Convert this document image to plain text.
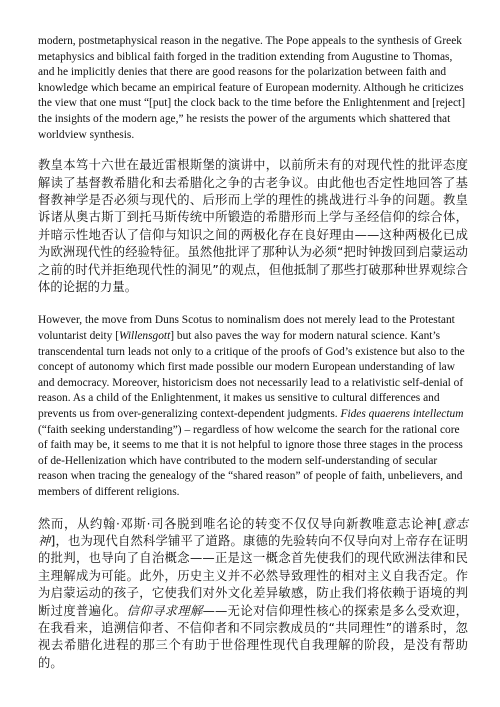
modern, postmetaphysical reason in the negative. The Pope appeals to the synthesis of Greek metaphysics and biblical faith forged in the tradition extending from Augustine to Thomas, and he implicitly denies that there are good reasons for the polarization between faith and knowledge which became an empirical feature of European modernity. Although he criticizes the view that one must “[put] the clock back to the time before the Enlightenment and [reject] the insights of the modern age,” he resists the power of the arguments which shattered that worldview synthesis.

教皇本笃十六世在最近雷根斯堡的演讲中，以前所未有的对现代性的批评态度解读了基督教希腊化和去希腊化之争的古老争议。由此他也否定性地回答了基督教神学是否必须与现代的、后形而上学的理性的挑战进行斗争的问题。教皇诉诸从奥古斯丁到托马斯传统中所锻造的希腊形而上学与圣经信仰的综合体，并暗示性地否认了信仰与知识之间的两极化存在良好理由——这种两极化已成为欧洲现代性的经验特征。虽然他批评了那种认为必须“把时钟拨回到启蒙运动之前的时代并拒绝现代性的洞见”的观点，但他抵制了那些打破那种世界观综合体的论据的力量。

However, the move from Duns Scotus to nominalism does not merely lead to the Protestant voluntarist deity [Willensgott] but also paves the way for modern natural science. Kant’s transcendental turn leads not only to a critique of the proofs of God’s existence but also to the concept of autonomy which first made possible our modern European understanding of law and democracy. Moreover, historicism does not necessarily lead to a relativistic self-denial of reason. As a child of the Enlightenment, it makes us sensitive to cultural differences and prevents us from over-generalizing context-dependent judgments. Fides quaerens intellectum (“faith seeking understanding”) – regardless of how welcome the search for the rational core of faith may be, it seems to me that it is not helpful to ignore those three stages in the process of de-Hellenization which have contributed to the modern self-understanding of secular reason when tracing the genealogy of the “shared reason” of people of faith, unbelievers, and members of different religions.

然而，从约翰·邓斯·司各脱到唯名论的转变不仅仅导向新教唯意志论神[意志神]，也为现代自然科学铺平了道路。康德的先验转向不仅导向对上帝存在证明的批判，也导向了自治概念——正是这一概念首先使我们的现代欧洲法律和民主理解成为可能。此外，历史主义并不必然导致理性的相对主义自我否定。作为启蒙运动的孩子，它使我们对外文化差异敏感，防止我们将依赖于语境的判断过度普遍化。信仰寻求理解——无论对信仰理性核心的探索是多么受欢迎，在我看来，追溯信仰者、不信仰者和不同宗教成员的“共同理性”的谱系时，忽视去希腊化进程的那三个有助于世俗理性现代自我理解的阶段，是没有帮助的。
